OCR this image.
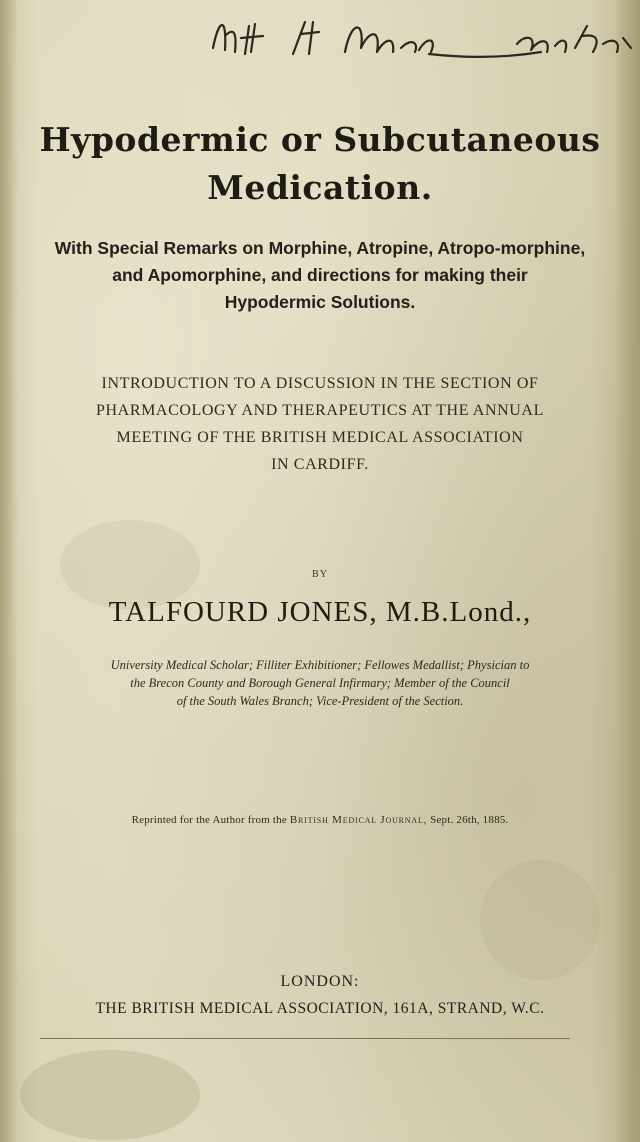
Hypodermic or Subcutaneous
Medication.
With Special Remarks on Morphine, Atropine, Atropo-morphine,
and Apomorphine, and directions for making their
Hypodermic Solutions.
INTRODUCTION TO A DISCUSSION IN THE SECTION OF
PHARMACOLOGY AND THERAPEUTICS AT THE ANNUAL
MEETING OF THE BRITISH MEDICAL ASSOCIATION
IN CARDIFF.
BY
TALFOURD JONES, M.B.Lond.,
University Medical Scholar; Filliter Exhibitioner; Fellowes Medallist; Physician to
the Brecon County and Borough General Infirmary; Member of the Council
of the South Wales Branch; Vice-President of the Section.
Reprinted for the Author from the British Medical Journal, Sept. 26th, 1885.
LONDON:
THE BRITISH MEDICAL ASSOCIATION, 161A, STRAND, W.C.
